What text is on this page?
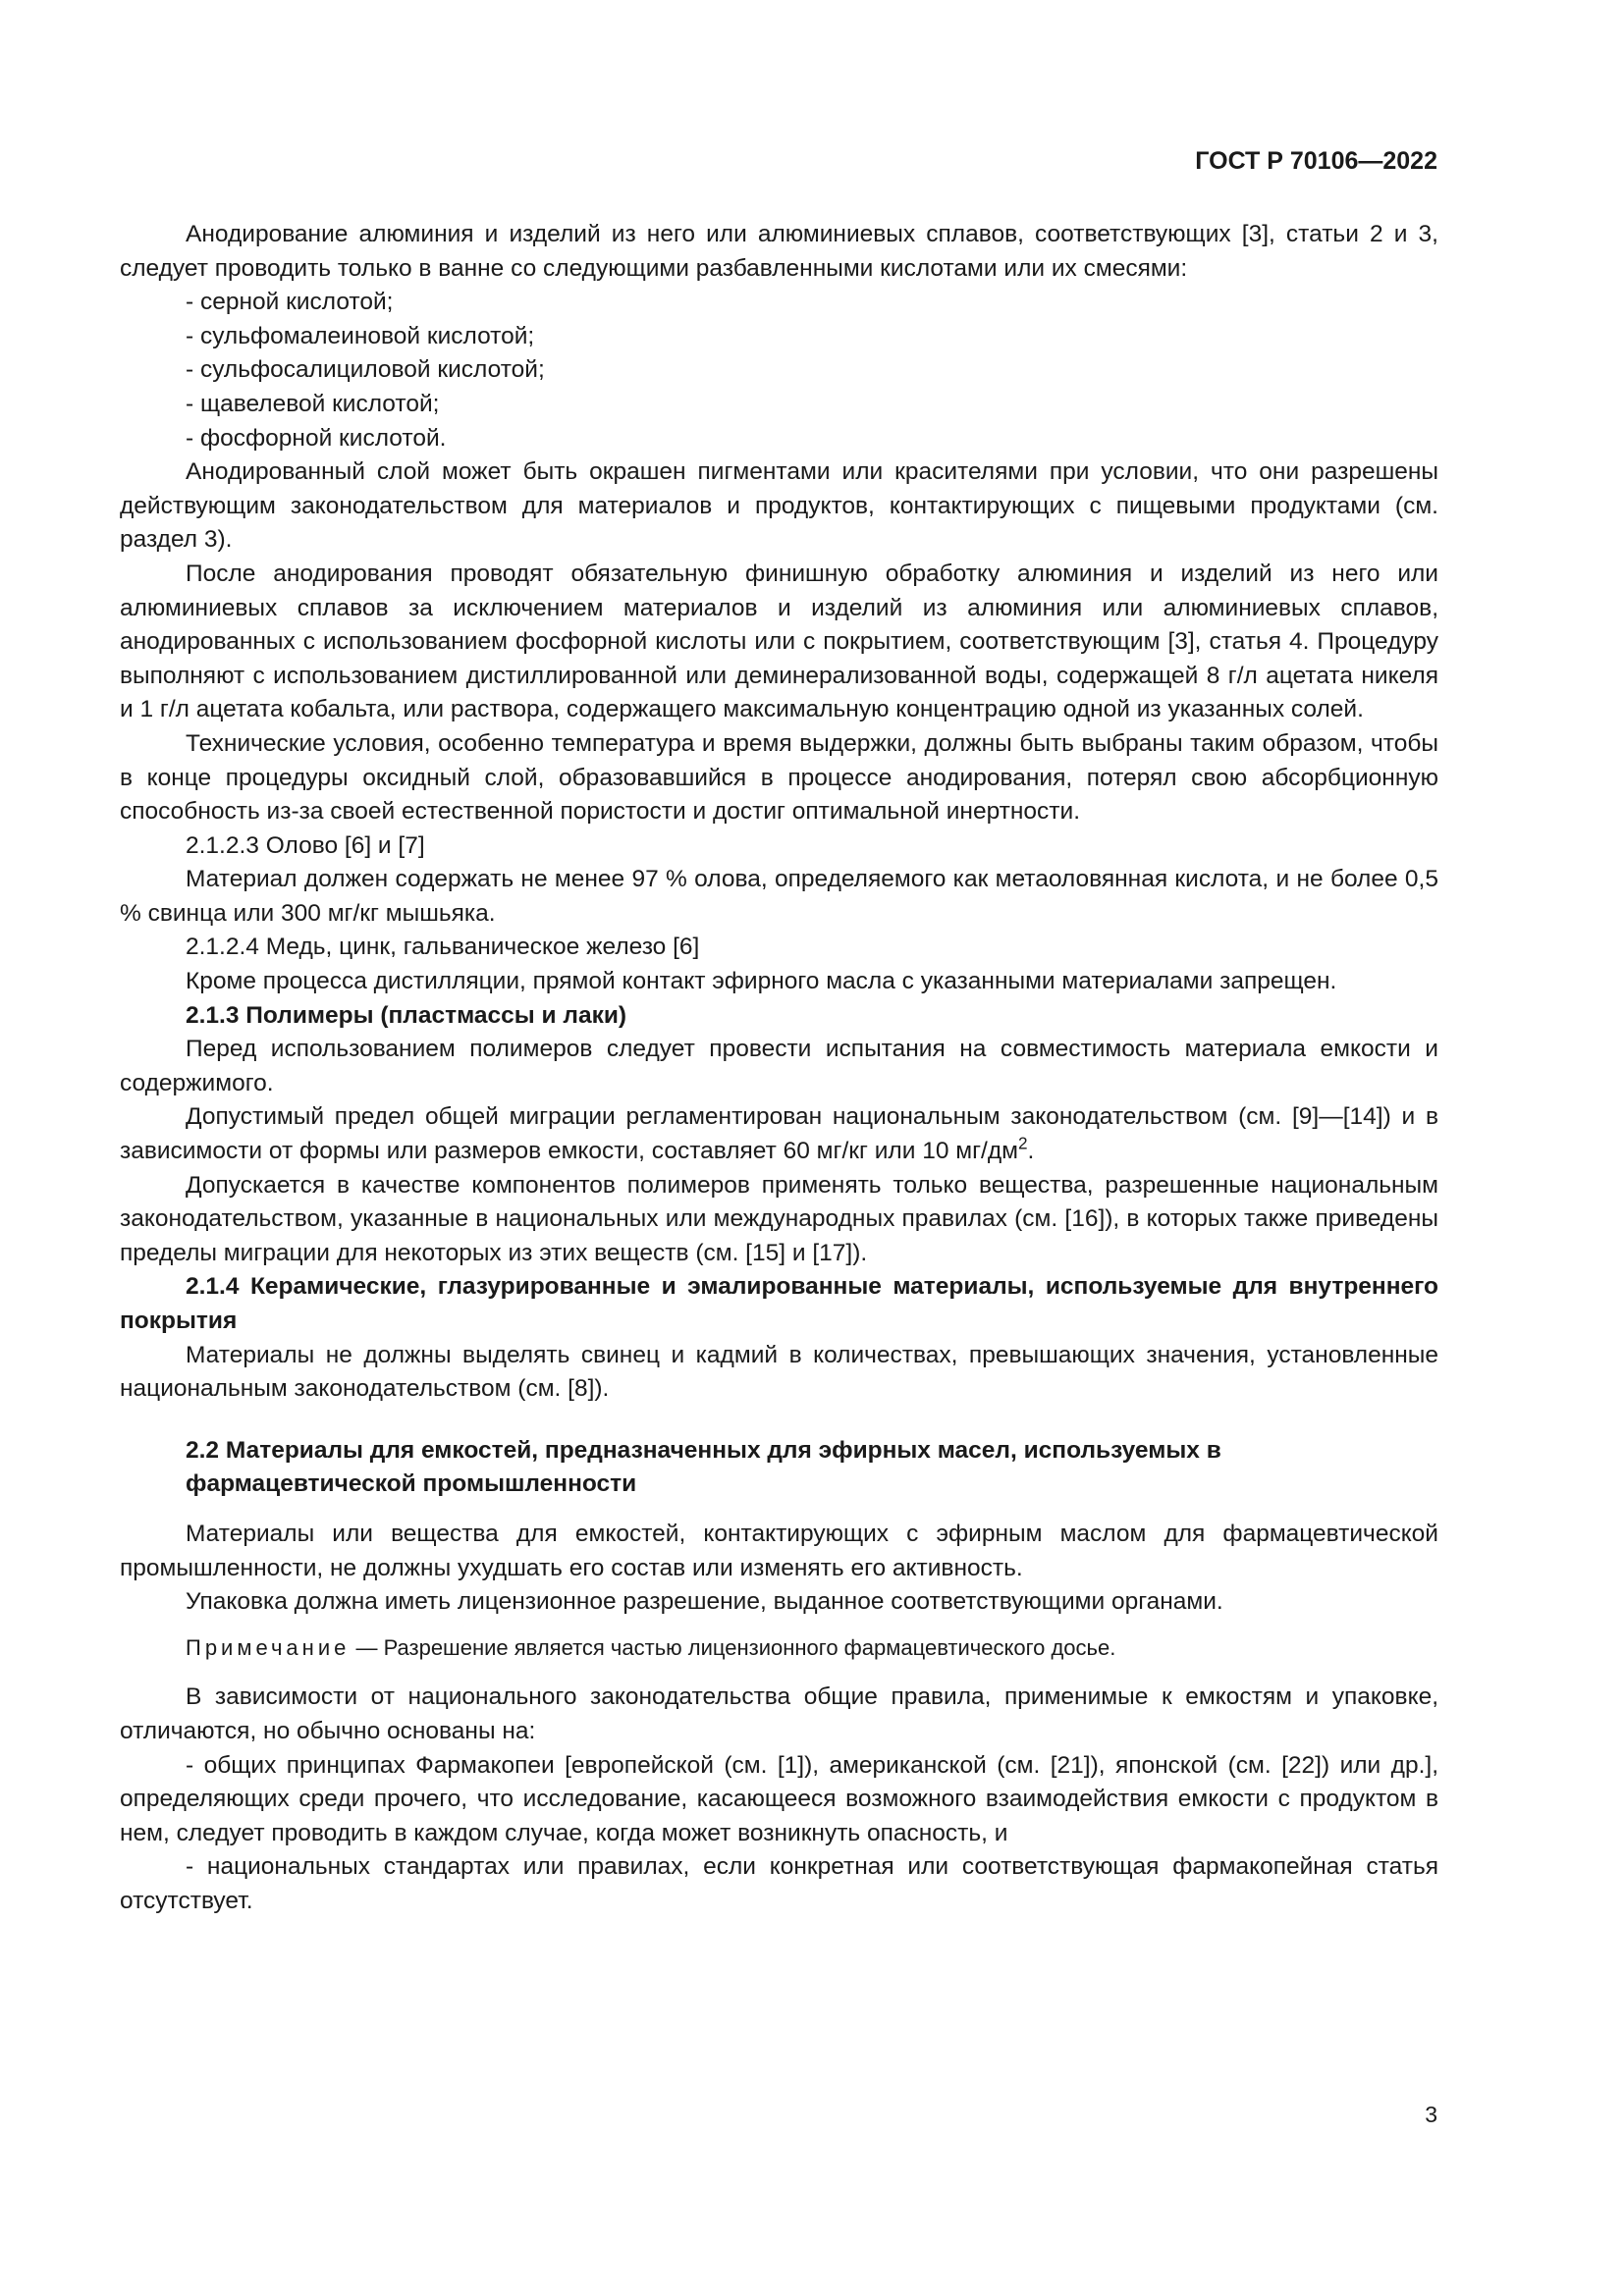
ГОСТ Р 70106—2022

Анодирование алюминия и изделий из него или алюминиевых сплавов, соответствующих [3], статьи 2 и 3, следует проводить только в ванне со следующими разбавленными кислотами или их смесями:

- серной кислотой;

- сульфомалеиновой кислотой;

- сульфосалициловой кислотой;

- щавелевой кислотой;

- фосфорной кислотой.

Анодированный слой может быть окрашен пигментами или красителями при условии, что они разрешены действующим законодательством для материалов и продуктов, контактирующих с пищевыми продуктами (см. раздел 3).

После анодирования проводят обязательную финишную обработку алюминия и изделий из него или алюминиевых сплавов за исключением материалов и изделий из алюминия или алюминиевых сплавов, анодированных с использованием фосфорной кислоты или с покрытием, соответствующим [3], статья 4. Процедуру выполняют с использованием дистиллированной или деминерализованной воды, содержащей 8 г/л ацетата никеля и 1 г/л ацетата кобальта, или раствора, содержащего максимальную концентрацию одной из указанных солей.

Технические условия, особенно температура и время выдержки, должны быть выбраны таким образом, чтобы в конце процедуры оксидный слой, образовавшийся в процессе анодирования, потерял свою абсорбционную способность из-за своей естественной пористости и достиг оптимальной инертности.

2.1.2.3 Олово [6] и [7]

Материал должен содержать не менее 97 % олова, определяемого как метаоловянная кислота, и не более 0,5 % свинца или 300 мг/кг мышьяка.

2.1.2.4 Медь, цинк, гальваническое железо [6]

Кроме процесса дистилляции, прямой контакт эфирного масла с указанными материалами запрещен.

2.1.3 Полимеры (пластмассы и лаки)

Перед использованием полимеров следует провести испытания на совместимость материала емкости и содержимого.

Допустимый предел общей миграции регламентирован национальным законодательством (см. [9]—[14]) и в зависимости от формы или размеров емкости, составляет 60 мг/кг или 10 $мг/дм^2$.

Допускается в качестве компонентов полимеров применять только вещества, разрешенные национальным законодательством, указанные в национальных или международных правилах (см. [16]), в которых также приведены пределы миграции для некоторых из этих веществ (см. [15] и [17]).

2.1.4 Керамические, глазурированные и эмалированные материалы, используемые для внутреннего покрытия

Материалы не должны выделять свинец и кадмий в количествах, превышающих значения, установленные национальным законодательством (см. [8]).

2.2 Материалы для емкостей, предназначенных для эфирных масел, используемых в фармацевтической промышленности

Материалы или вещества для емкостей, контактирующих с эфирным маслом для фармацевтической промышленности, не должны ухудшать его состав или изменять его активность.

Упаковка должна иметь лицензионное разрешение, выданное соответствующими органами.

Примечание — Разрешение является частью лицензионного фармацевтического досье.

В зависимости от национального законодательства общие правила, применимые к емкостям и упаковке, отличаются, но обычно основаны на:

- общих принципах Фармакопеи [европейской (см. [1]), американской (см. [21]), японской (см. [22]) или др.], определяющих среди прочего, что исследование, касающееся возможного взаимодействия емкости с продуктом в нем, следует проводить в каждом случае, когда может возникнуть опасность, и

- национальных стандартах или правилах, если конкретная или соответствующая фармакопейная статья отсутствует.

3
